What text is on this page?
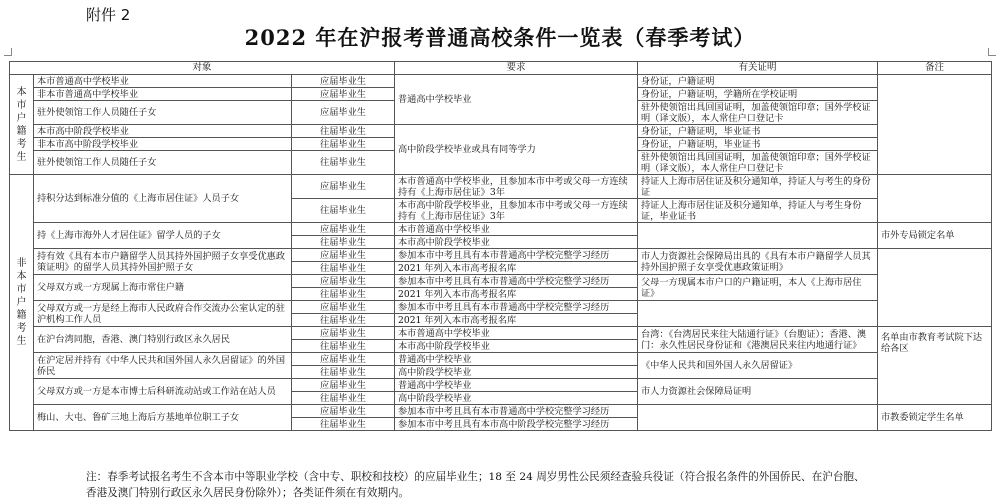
附件 2
2022 年在沪报考普通高校条件一览表（春季考试）
对象			要求	有关证明	备注

本市户籍考生	本市普通高中学校毕业	应届毕业生	普通高中学校毕业	身份证，户籍证明	
	非本市普通高中学校毕业	应届毕业生		身份证，户籍证明，学籍所在学校证明	
	驻外使领馆工作人员随任子女	应届毕业生		驻外使领馆出具回国证明，加盖使领馆印章；国外学校证明（译文版），本人常住户口登记卡	
	本市高中阶段学校毕业	往届毕业生	高中阶段学校毕业或具有同等学力	身份证，户籍证明，毕业证书	
	非本市高中阶段学校毕业	往届毕业生		身份证，户籍证明，毕业证书	
	驻外使领馆工作人员随任子女	往届毕业生		驻外使领馆出具回国证明，加盖使领馆印章；国外学校证明（译文版），本人常住户口登记卡	

非本市户籍考生	持积分达到标准分值的《上海市居住证》人员子女	应届毕业生	本市普通高中学校毕业，且参加本市中考或父母一方连续持有《上海市居住证》3年	持证人上海市居住证及积分通知单，持证人与考生的身份证	
		往届毕业生	本市高中阶段学校毕业，且参加本市中考或父母一方连续持有《上海市居住证》3年	持证人上海市居住证及积分通知单，持证人与考生身份证，毕业证书	
	持《上海市海外人才居住证》留学人员的子女	应届毕业生	本市普通高中学校毕业		市外专局锁定名单
		往届毕业生	本市高中阶段学校毕业		
	持有效《具有本市户籍留学人员其持外国护照子女享受优惠政策证明》的留学人员其持外国护照子女	应届毕业生	参加本市中考且具有本市普通高中学校完整学习经历	市人力资源社会保障局出具的《具有本市户籍留学人员其持外国护照子女享受优惠政策证明》	
		往届毕业生	2021 年列入本市高考报名库		
	父母双方或一方现属上海市常住户籍	应届毕业生	参加本市中考且具有本市普通高中学校完整学习经历	父母一方现属本市户口的户籍证明，本人《上海市居住证》	
		往届毕业生	2021 年列入本市高考报名库		
	父母双方或一方是经上海市人民政府合作交流办公室认定的驻沪机构工作人员	应届毕业生	参加本市中考且具有本市普通高中学校完整学习经历		
		往届毕业生	2021 年列入本市高考报名库		
	在沪台湾同胞，香港、澳门特别行政区永久居民	应届毕业生	本市普通高中学校毕业	台湾：《台湾居民来往大陆通行证》（台胞证）；香港、澳门：永久性居民身份证和《港澳居民来往内地通行证》	名单由市教育考试院下达给各区
		往届毕业生	本市高中阶段学校毕业		
	在沪定居并持有《中华人民共和国外国人永久居留证》的外国侨民	应届毕业生	普通高中学校毕业	《中华人民共和国外国人永久居留证》	
		往届毕业生	高中阶段学校毕业		
	父母双方或一方是本市博士后科研流动站或工作站在站人员	应届毕业生	普通高中学校毕业	市人力资源社会保障局证明	
		往届毕业生	高中阶段学校毕业		
	梅山、大屯、鲁矿三地上海后方基地单位职工子女	应届毕业生	参加本市中考且具有本市普通高中学校完整学习经历		市教委锁定学生名单
		往届毕业生	参加本市中考且具有本市高中阶段学校完整学习经历		
注：春季考试报名考生不含本市中等职业学校（含中专、职校和技校）的应届毕业生；18 至 24 周岁男性公民须经查验兵役证（符合报名条件的外国侨民、在沪台胞、
香港及澳门特别行政区永久居民身份除外）；各类证件须在有效期内。
